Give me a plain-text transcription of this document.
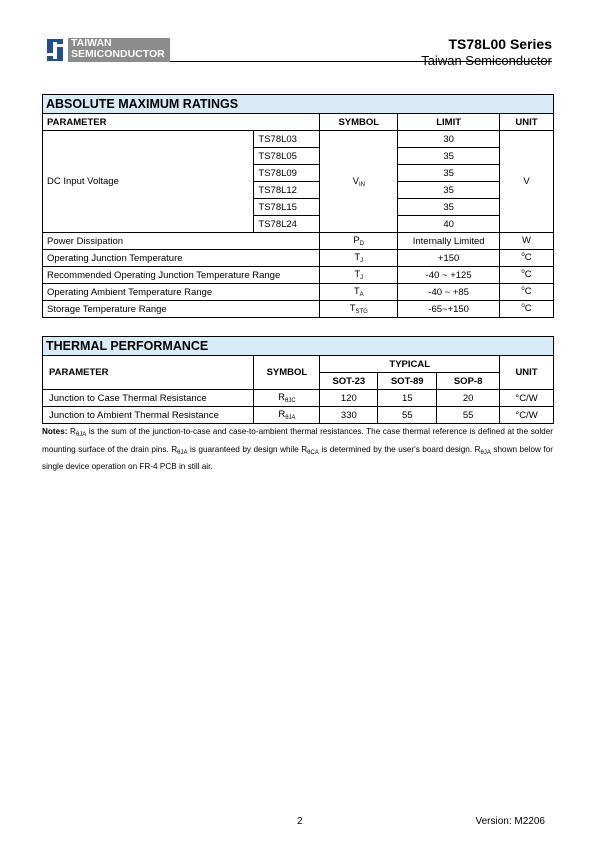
TAIWAN
SEMICONDUCTOR
TS78L00 Series
Taiwan Semiconductor
ABSOLUTE MAXIMUM RATINGS				
PARAMETER		SYMBOL	LIMIT	UNIT
DC Input Voltage	TS78L03	$V_{IN}$	30	V
	TS78L05		35	
	TS78L09		35	
	TS78L12		35	
	TS78L15		35	
	TS78L24		40	
Power Dissipation		$P_D$	Internally Limited	W
Operating Junction Temperature		$T_J$	+150	$^o$C
Recommended Operating Junction Temperature Range		$T_J$	-40 ~ +125	$^o$C
Operating Ambient Temperature Range		$T_A$	-40 ~ +85	$^o$C
Storage Temperature Range		$T_{STG}$	-65~+150	$^o$C
THERMAL PERFORMANCE					
PARAMETER	SYMBOL	TYPICAL			UNIT
		SOT-23	SOT-89	SOP-8	
Junction to Case Thermal Resistance	$R_{\theta JC}$	120	15	20	°C/W
Junction to Ambient Thermal Resistance	$R_{\theta JA}$	330	55	55	°C/W
Notes: $R_{\theta JA}$ is the sum of the junction-to-case and case-to-ambient thermal resistances. The case thermal reference is defined at the solder mounting surface of the drain pins. $R_{\theta JA}$ is guaranteed by design while $R_{\theta CA}$ is determined by the user's board design. $R_{\theta JA}$ shown below for single device operation on FR-4 PCB in still air.
2	Version: M2206
